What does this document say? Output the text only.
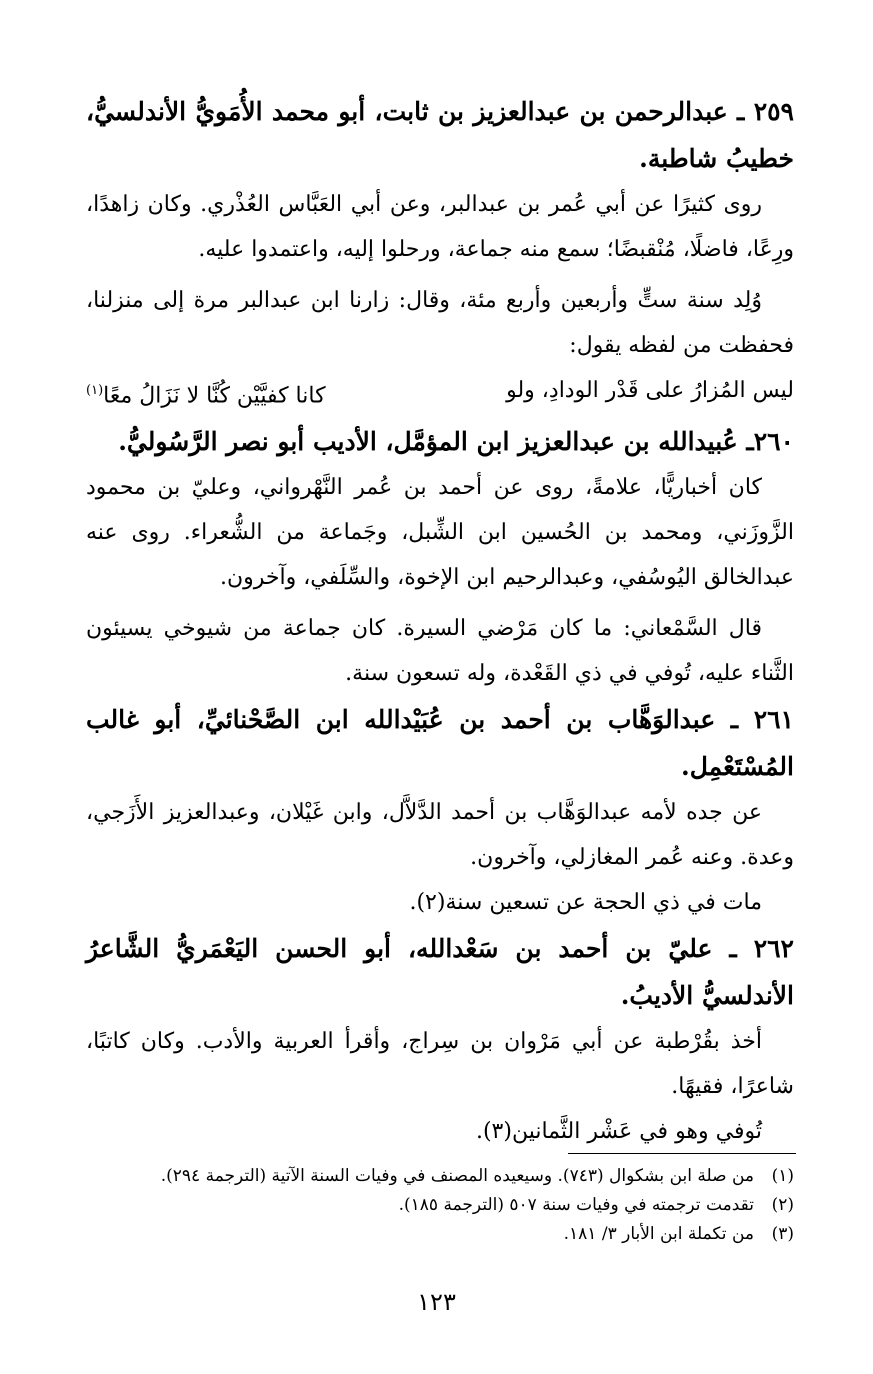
٢٥٩ ـ عبدالرحمن بن عبدالعزيز بن ثابت، أبو محمد الأُمَويُّ الأندلسيُّ، خطيبُ شاطبة.

روى كثيرًا عن أبي عُمر بن عبدالبر، وعن أبي العَبَّاس العُذْري. وكان زاهدًا، ورِعًا، فاضلًا، مُنْقبضًا؛ سمع منه جماعة، ورحلوا إليه، واعتمدوا عليه.

وُلِد سنة ستٍّ وأربعين وأربع مئة، وقال: زارنا ابن عبدالبر مرة إلى منزلنا، فحفظت من لفظه يقول:

ليس المُزارُ على قَدْر الودادِ، ولو
كانا كفيَّيْن كُنَّا لا نَزَالُ معًا$^{(١)}$

٢٦٠ـ عُبيدالله بن عبدالعزيز ابن المؤمَّل، الأديب أبو نصر الرَّسُوليُّ.

كان أخباريًّا، علامةً، روى عن أحمد بن عُمر النَّهْرواني، وعليّ بن محمود الزَّوزَني، ومحمد بن الحُسين ابن الشِّبل، وجَماعة من الشُّعراء. روى عنه عبدالخالق اليُوسُفي، وعبدالرحيم ابن الإخوة، والسِّلَفي، وآخرون.

قال السَّمْعاني: ما كان مَرْضي السيرة. كان جماعة من شيوخي يسيئون الثَّناء عليه، تُوفي في ذي القَعْدة، وله تسعون سنة.

٢٦١ ـ عبدالوَهَّاب بن أحمد بن عُبَيْدالله ابن الصَّحْنائيِّ، أبو غالب المُسْتَعْمِل.

عن جده لأمه عبدالوَهَّاب بن أحمد الدَّلاَّل، وابن غَيْلان، وعبدالعزيز الأَزَجي، وعدة. وعنه عُمر المغازلي، وآخرون.

مات في ذي الحجة عن تسعين سنة(٢).

٢٦٢ ـ عليّ بن أحمد بن سَعْدالله، أبو الحسن اليَعْمَريُّ الشَّاعرُ الأندلسيُّ الأديبُ.

أخذ بقُرْطبة عن أبي مَرْوان بن سِراج، وأقرأ العربية والأدب. وكان كاتبًا، شاعرًا، فقيهًا.

تُوفي وهو في عَشْر الثَّمانين(٣).

(١)
من صلة ابن بشكوال (٧٤٣). وسيعيده المصنف في وفيات السنة الآتية (الترجمة ٢٩٤).
(٢)
تقدمت ترجمته في وفيات سنة ٥٠٧ (الترجمة ١٨٥).
(٣)
من تكملة ابن الأبار ٣/ ١٨١.
١٢٣
